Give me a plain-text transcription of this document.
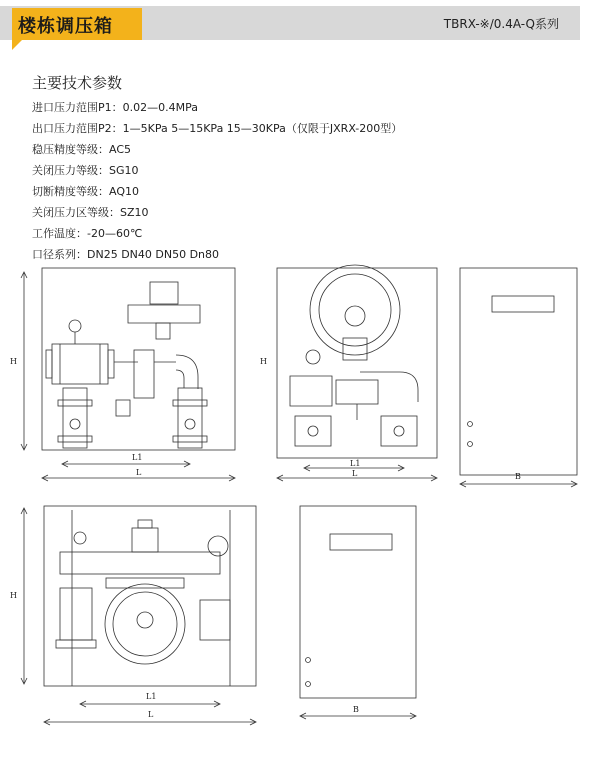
楼栋调压箱	TBRX-※/0.4A-Q系列
主要技术参数
进口压力范围P1：0.02—0.4MPa
出口压力范围P2：1—5KPa 5—15KPa 15—30KPa（仅限于JXRX-200型）
稳压精度等级：AC5
关闭压力等级：SG10
切断精度等级：AQ10
关闭压力区等级：SZ10
工作温度：-20—60℃
口径系列：DN25 DN40 DN50 Dn80
H
L1
L
H
L1
L	B
H
L1
L
B
